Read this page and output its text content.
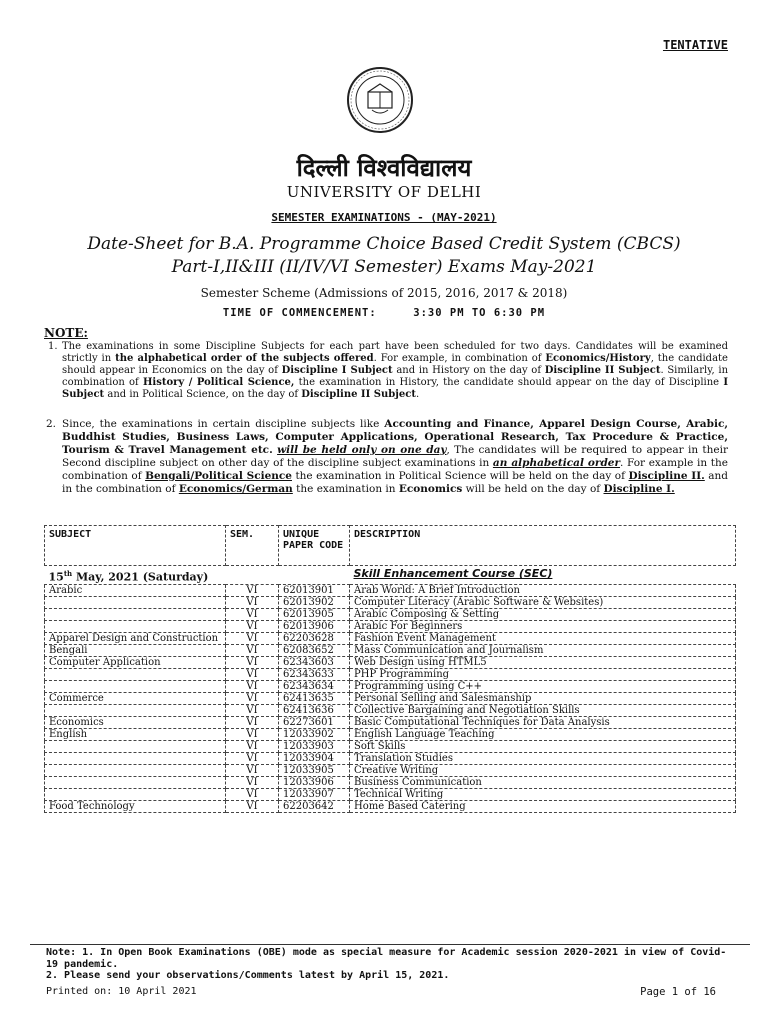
TENTATIVE
दिल्ली विश्वविद्यालय
UNIVERSITY OF DELHI
SEMESTER EXAMINATIONS - (MAY-2021)
Date-Sheet for B.A. Programme Choice Based Credit System (CBCS)
Part-I,II&III (II/IV/VI Semester) Exams May-2021
Semester Scheme (Admissions of 2015, 2016, 2017 & 2018)
TIME OF COMMENCEMENT:     3:30 PM TO 6:30 PM
NOTE:
1. The examinations in some Discipline Subjects for each part have been scheduled for two days. Candidates will be examined strictly in the alphabetical order of the subjects offered. For example, in combination of Economics/History, the candidate should appear in Economics on the day of Discipline I Subject and in History on the day of Discipline II Subject. Similarly, in combination of History / Political Science, the examination in History, the candidate should appear on the day of Discipline I Subject and in Political Science, on the day of Discipline II Subject.

2. Since, the examinations in certain discipline subjects like Accounting and Finance, Apparel Design Course, Arabic, Buddhist Studies, Business Laws, Computer Applications, Operational Research, Tax Procedure & Practice, Tourism & Travel Management etc. will be held only on one day, The candidates will be required to appear in their Second discipline subject on other day of the discipline subject examinations in an alphabetical order. For example in the combination of Bengali/Political Science the examination in Political Science will be held on the day of Discipline II. and in the combination of Economics/German the examination in Economics will be held on the day of Discipline I.

SUBJECT	SEM.	UNIQUE PAPER CODE	DESCRIPTION
15th May, 2021 (Saturday)			Skill Enhancement Course (SEC)
Arabic	VI	62013901	Arab World: A Brief Introduction
	VI	62013902	Computer Literacy (Arabic Software & Websites)
	VI	62013905	Arabic Composing & Setting
	VI	62013906	Arabic For Beginners
Apparel Design and Construction	VI	62203628	Fashion Event Management
Bengali	VI	62083652	Mass Communication and Journalism
Computer Application	VI	62343603	Web Design using HTML5
	VI	62343633	PHP Programming
	VI	62343634	Programming using C++
Commerce	VI	62413635	Personal Selling and Salesmanship
	VI	62413636	Collective Bargaining and Negotiation Skills
Economics	VI	62273601	Basic Computational Techniques for Data Analysis
English	VI	12033902	English Language Teaching
	VI	12033903	Soft Skills
	VI	12033904	Translation Studies
	VI	12033905	Creative Writing
	VI	12033906	Business Communication
	VI	12033907	Technical Writing
Food Technology	VI	62203642	Home Based Catering
Note: 1. In Open Book Examinations (OBE) mode as special measure for Academic session 2020-2021 in view of Covid-19 pandemic.
2. Please send your observations/Comments latest by April 15, 2021.
Printed on: 10 April 2021	Page 1 of 16
